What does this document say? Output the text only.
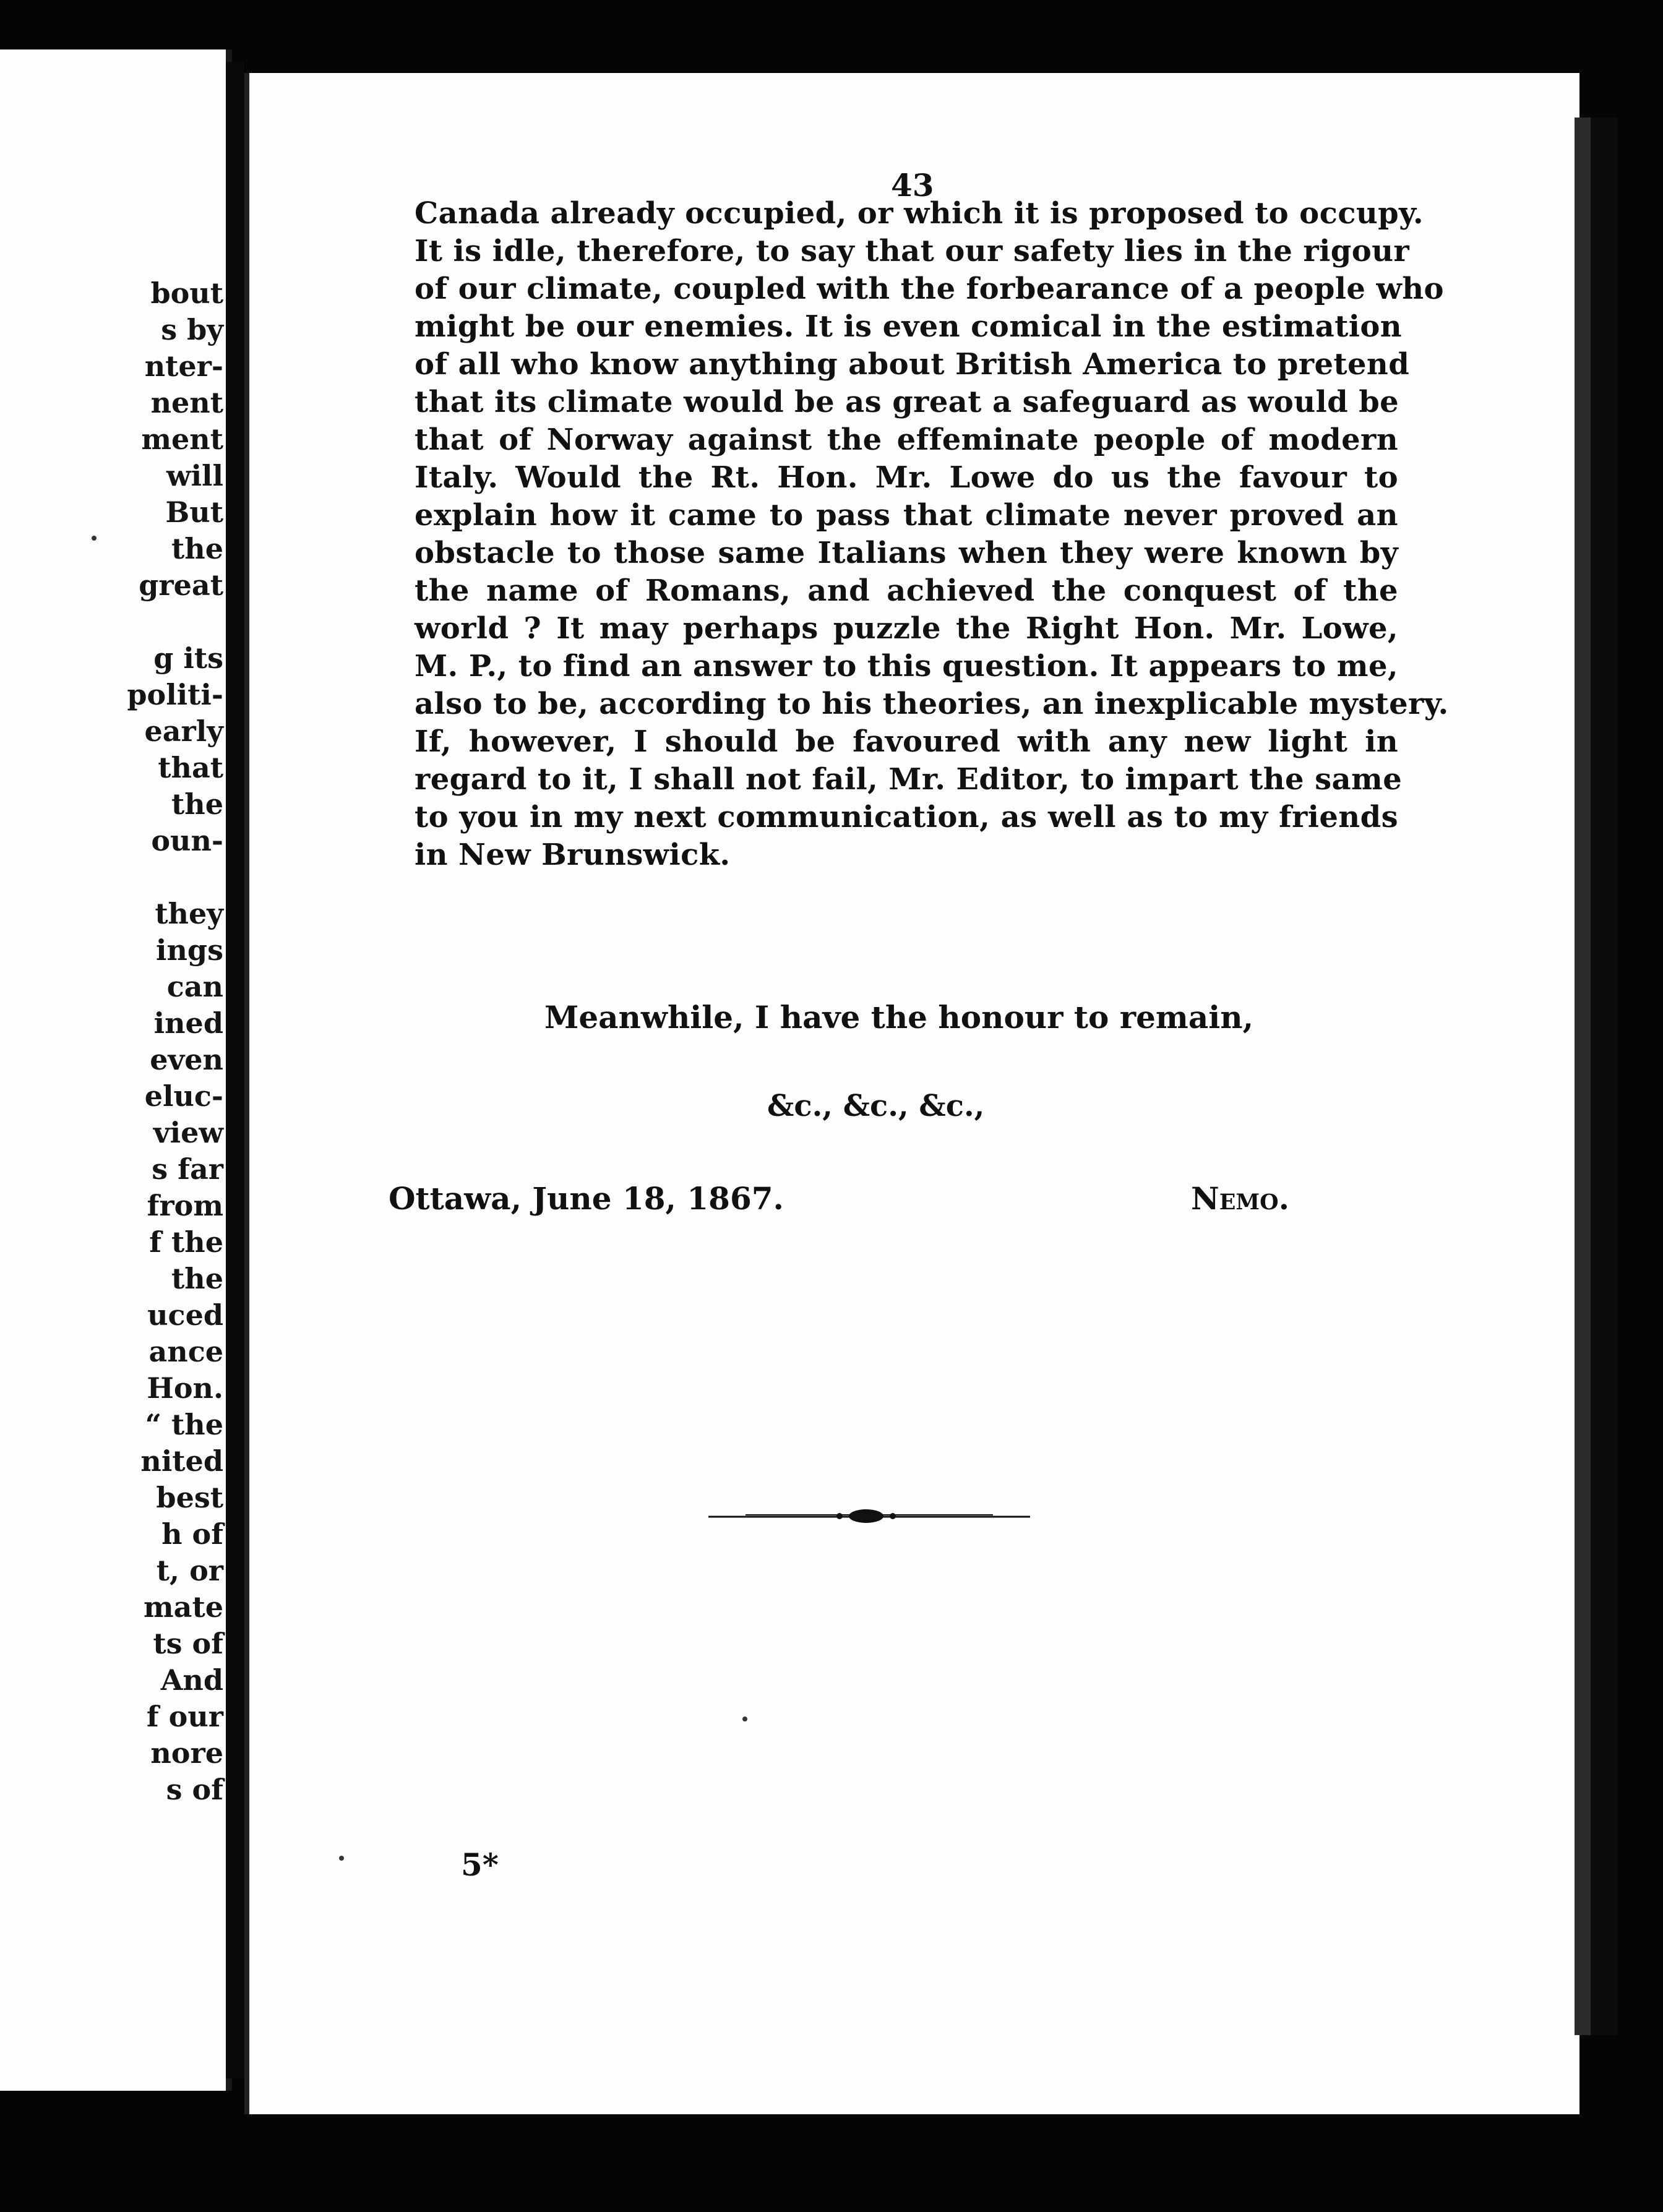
bout
s by
nter-
nent
ment
will
But
the
great
g its
politi-
early
that
the
oun-
they
ings
can
ined
even
eluc-
view
s far
from
f the
the
uced
ance
Hon.
“ the
nited
best
h of
t, or
mate
ts of
And
f our
nore
s of
43
Canada already occupied, or which it is proposed to occupy.
It is idle, therefore, to say that our safety lies in the rigour
of our climate, coupled with the forbearance of a people who
might be our enemies. It is even comical in the estimation
of all who know anything about British America to pretend
that its climate would be as great a safeguard as would be
that of Norway against the effeminate people of modern
Italy. Would the Rt. Hon. Mr. Lowe do us the favour to
explain how it came to pass that climate never proved an
obstacle to those same Italians when they were known by
the name of Romans, and achieved the conquest of the
world ? It may perhaps puzzle the Right Hon. Mr. Lowe,
M. P., to find an answer to this question. It appears to me,
also to be, according to his theories, an inexplicable mystery.
If, however, I should be favoured with any new light in
regard to it, I shall not fail, Mr. Editor, to impart the same
to you in my next communication, as well as to my friends
in New Brunswick.
Meanwhile, I have the honour to remain,
&c., &c., &c.,
Ottawa, June 18, 1867.	Nemo.
5*
